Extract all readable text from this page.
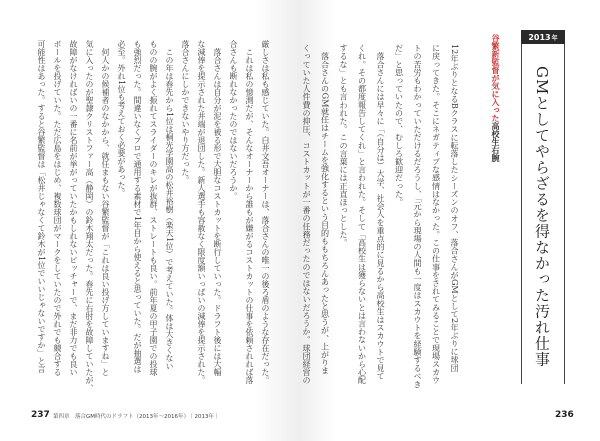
厳しさは私も感じていた。白井文吾オーナーは、落合さんの唯一の後ろ盾のような存在だった。
　これは私の憶測だが、そんなオーナーから誰もが嫌がるコストカットの仕事を依頼されれば落
合さんも断れなかったのではないだろうか。
　落合さんは自分が泥を被る形で大胆なコストカットを断行していった。ドラフト後には大幅
な減俸を提示された井端が退団した。新人選手も容赦なく限度額いっぱいの減俸を提示された。
落合さんにしかできないやり方だった。
　この年は春先から1位は桐光学園高の松井裕樹（楽天1位）で考えていた。体は大きくない
ものの腕がよく振れてスライダーのキレが抜群、ストレートも良い。前年夏の甲子園での投球
も強烈だった。間違いなくプロで通用する素材で1年目から使えると思っていた。だが抽選は
必至。外れ1位も考えておく必要があった。
　何人かの候補者のなかから、就任まもない谷繁監督が「これは良い投げ方していますね」と
気に入ったのが聖隷クリストファー高（静岡）の鈴木翔太だった。春先に右肘を故障していたが、
故障がなければいの一番に名前が挙がっていたかもしれないピッチャーで、まだ非力でも良い
ボールを投げていた。ただ広島をはじめ、複数球団がマークをしていたので外れでも競合する
可能性はあった。すると谷繁監督は「松井じゃなくて鈴木が1位でいいじゃないですか」と言	12年ぶりとなるBクラスに転落したシーズンのオフ、落合さんがGMとして2年ぶりに球団
に戻ってきた。そこにネガティブな感情はなかった。この仕事をされてみることで現場スカウ
トの苦労もわかっていただけるだろうし、「元から現場の人間も一度はスカウトを経験するべき
だ」と思っていたので、むしろ歓迎だった。
　落合さんには早々に「（自分は）大学、社会人を重点的に見るから高校生はスカウトで見て
くれ。その都度報告してくれ」と言われた。そして「高校生は獲らないとは言わないから心配
するな」とも言われた。この言葉には正直ほっとした。
　落合さんのGM就任はチームを強化するという目的ももちろんあったと思うが、上がりま
くっていた人件費の抑圧、コストカットが一番の任務だったのではないだろうか。球団経営の
2013 年
GMとしてやらざるを得なかった汚れ仕事
谷繁新監督が気に入った高校生右腕
237 第四章　落合GM時代のドラフト（2013年〜2016年）｜2013年｜	236
